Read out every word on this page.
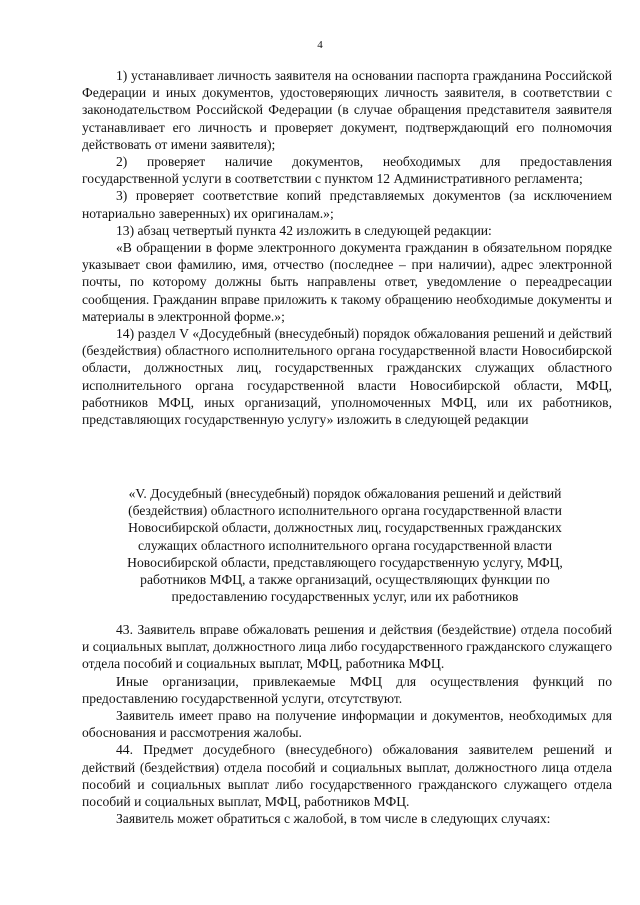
4

1) устанавливает личность заявителя на основании паспорта гражданина Российской Федерации и иных документов, удостоверяющих личность заявителя, в соответствии с законодательством Российской Федерации (в случае обращения представителя заявителя устанавливает его личность и проверяет документ, подтверждающий его полномочия действовать от имени заявителя);

2) проверяет наличие документов, необходимых для предоставления государственной услуги в соответствии с пунктом 12 Административного регламента;

3) проверяет соответствие копий представляемых документов (за исключением нотариально заверенных) их оригиналам.»;

13) абзац четвертый пункта 42 изложить в следующей редакции:

«В обращении в форме электронного документа гражданин в обязательном порядке указывает свои фамилию, имя, отчество (последнее – при наличии), адрес электронной почты, по которому должны быть направлены ответ, уведомление о переадресации сообщения. Гражданин вправе приложить к такому обращению необходимые документы и материалы в электронной форме.»;

14) раздел V «Досудебный (внесудебный) порядок обжалования решений и действий (бездействия) областного исполнительного органа государственной власти Новосибирской области, должностных лиц, государственных гражданских служащих областного исполнительного органа государственной власти Новосибирской области, МФЦ, работников МФЦ, иных организаций, уполномоченных МФЦ, или их работников, представляющих государственную услугу» изложить в следующей редакции

«V. Досудебный (внесудебный) порядок обжалования решений и действий (бездействия) областного исполнительного органа государственной власти Новосибирской области, должностных лиц, государственных гражданских служащих областного исполнительного органа государственной власти Новосибирской области, представляющего государственную услугу, МФЦ, работников МФЦ, а также организаций, осуществляющих функции по предоставлению государственных услуг, или их работников

43. Заявитель вправе обжаловать решения и действия (бездействие) отдела пособий и социальных выплат, должностного лица либо государственного гражданского служащего отдела пособий и социальных выплат, МФЦ, работника МФЦ.

Иные организации, привлекаемые МФЦ для осуществления функций по предоставлению государственной услуги, отсутствуют.

Заявитель имеет право на получение информации и документов, необходимых для обоснования и рассмотрения жалобы.

44. Предмет досудебного (внесудебного) обжалования заявителем решений и действий (бездействия) отдела пособий и социальных выплат, должностного лица отдела пособий и социальных выплат либо государственного гражданского служащего отдела пособий и социальных выплат, МФЦ, работников МФЦ.

Заявитель может обратиться с жалобой, в том числе в следующих случаях:
